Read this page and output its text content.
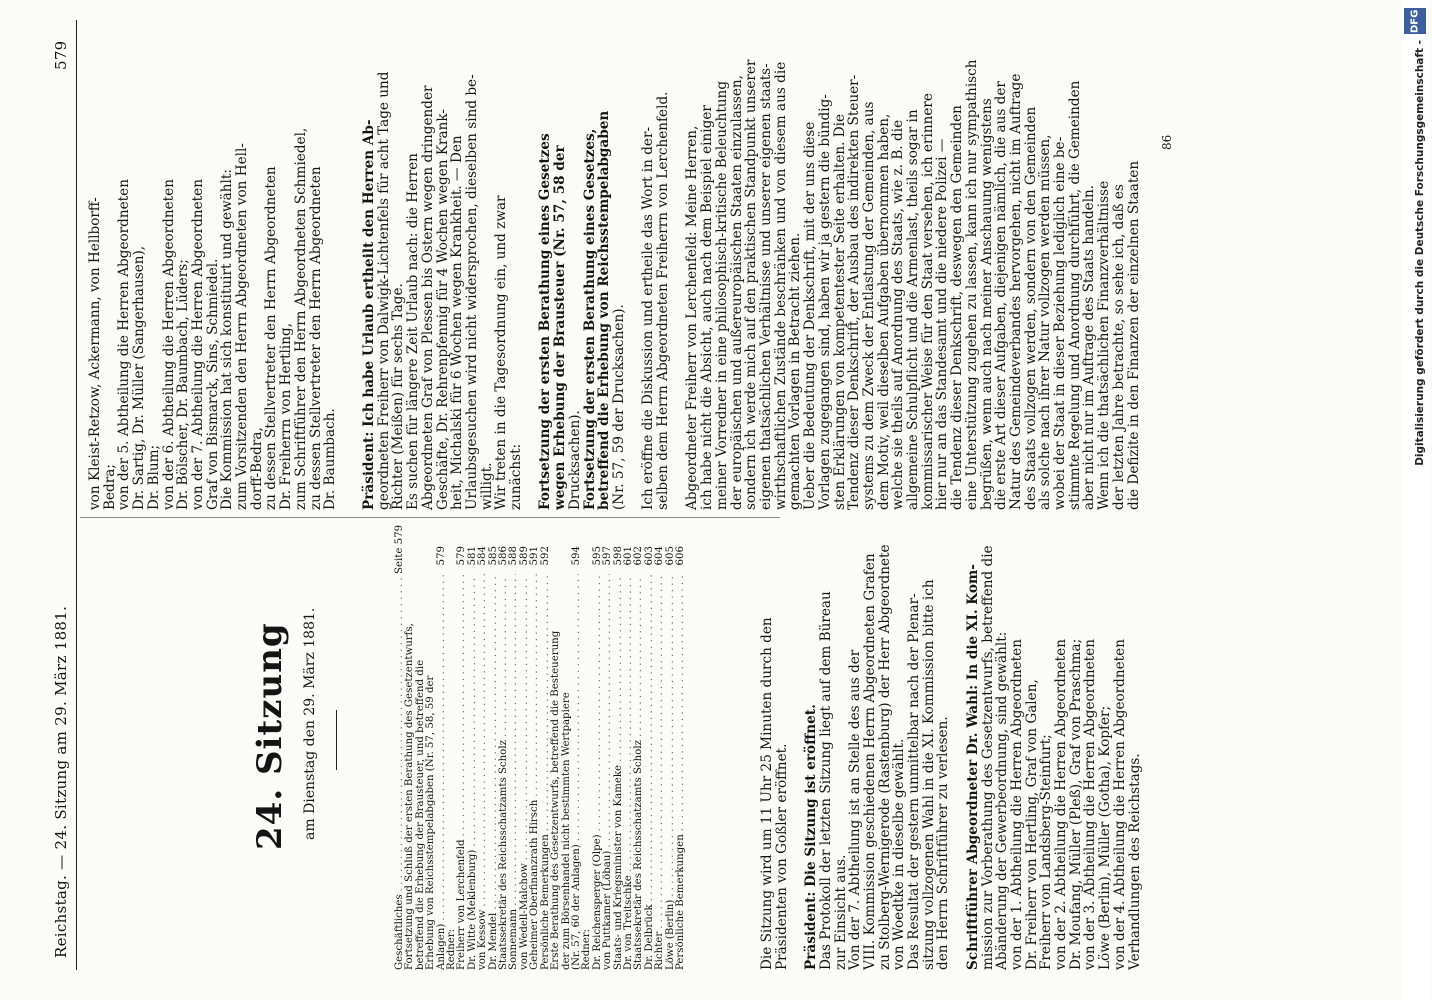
Reichstag. — 24. Sitzung am 29. März 1881.
579
24. Sitzung am Dienstag den 29. März 1881.
Geschäftliches
. . .
Seite 579
Fortsetzung und Schluß der ersten Berathung des Gesetzentwurfs, betreffend die Erhebung der Brausteuer, und betreffend die Erhebung von Reichsstempelabgaben (Nr. 57, 58, 59 der Anlagen)
. . .
579
Redner: Freiherr von Lerchenfeld
. . .
579
Dr. Witte (Meklenburg)
. . .
581
von Kessow
. . .
584
Dr. Mendel
. . .
585
Staatssekretär des Reichsschatzamts Scholz
. . .
586
Sonnemann
. . .
588
von Wedell-Malchow
. . .
589
Geheimer Oberfinanzrath Hirsch
. . .
591
Persönliche Bemerkungen
. . .
592
Erste Berathung des Gesetzentwurfs, betreffend die Besteuerung der zum Börsenhandel nicht bestimmten Wertpapiere (Nr. 57, 60 der Anlagen)
. . .
594
Redner: Dr. Reichensperger (Olpe)
. . .
595
von Puttkamer (Löbau)
. . .
597
Staats- und Kriegsminister von Kameke
. . .
598
Dr. von Treitschke
. . .
601
Staatssekretär des Reichsschatzamts Scholz
. . .
602
Dr. Delbrück
. . .
603
Richter
. . .
604
Löwe (Berlin)
. . .
605
Persönliche Bemerkungen
. . .
606

Die Sitzung wird um 11 Uhr 25 Minuten durch den

Präsidenten von Goßler eröffnet.

Präsident: Die Sitzung ist eröffnet.

Das Protokoll der letzten Sitzung liegt auf dem Büreau

zur Einsicht aus.

Von der 7. Abtheilung ist an Stelle des aus der

VIII. Kommission geschiedenen Herrn Abgeordneten Grafen

zu Stolberg-Wernigerode (Rastenburg) der Herr Abgeordnete

von Woedtke in dieselbe gewählt.

Das Resultat der gestern unmittelbar nach der Plenar-

sitzung vollzogenen Wahl in die XI. Kommission bitte ich

den Herrn Schriftführer zu verlesen.

Schriftführer Abgeordneter Dr. Wahl: In die XI. Kom-

mission zur Vorberathung des Gesetzentwurfs, betreffend die

Abänderung der Gewerbeordnung, sind gewählt:

von der 1. Abtheilung die Herren Abgeordneten

Dr. Freiherr von Hertling, Graf von Galen,

Freiherr von Landsberg-Steinfurt;

von der 2. Abtheilung die Herren Abgeordneten

Dr. Moufang, Müller (Pleß), Graf von Praschma;

von der 3. Abtheilung die Herren Abgeordneten

Löwe (Berlin), Müller (Gotha), Kopfer;

von der 4. Abtheilung die Herren Abgeordneten

Verhandlungen des Reichstags.

von Kleist-Retzow, Ackermann, von Hellborff-

Bedra;

von der 5. Abtheilung die Herren Abgeordneten

Dr. Sartig, Dr. Müller (Sangerhausen),

Dr. Blum;

von der 6. Abtheilung die Herren Abgeordneten

Dr. Bölscher, Dr. Baumbach, Lüders;

von der 7. Abtheilung die Herren Abgeordneten

Graf von Bismarck, Sins, Schmiedel.

Die Kommission hat sich konstituirt und gewählt:

zum Vorsitzenden den Herrn Abgeordneten von Hell-

dorff-Bedra,

zu dessen Stellvertreter den Herrn Abgeordneten

Dr. Freiherrn von Hertling,

zum Schriftführer den Herrn Abgeordneten Schmiedel,

zu dessen Stellvertreter den Herrn Abgeordneten

Dr. Baumbach. Präsident: Ich habe Urlaub ertheilt den Herren Ab-

geordneten Freiherr von Dalwigk-Lichtenfels für acht Tage und

Richter (Meißen) für sechs Tage.

Es suchen für längere Zeit Urlaub nach: die Herren

Abgeordneten Graf von Plessen bis Ostern wegen dringender

Geschäfte, Dr. Rehrenpfennig für 4 Wochen wegen Krank-

heit, Michalski für 6 Wochen wegen Krankheit. — Den

Urlaubsgesuchen wird nicht widersprochen, dieselben sind be-

willigt.

Wir treten in die Tagesordnung ein, und zwar

zunächst:

Fortsetzung der ersten Berathung eines Gesetzes

wegen Erhebung der Brausteuer (Nr. 57, 58 der

Drucksachen).

Fortsetzung der ersten Berathung eines Gesetzes,

betreffend die Erhebung von Reichsstempelabgaben

(Nr. 57, 59 der Drucksachen).

Ich eröffne die Diskussion und ertheile das Wort in der-

selben dem Herrn Abgeordneten Freiherrn von Lerchenfeld.

Abgeordneter Freiherr von Lerchenfeld: Meine Herren,

ich habe nicht die Absicht, auch nach dem Beispiel einiger

meiner Vorredner in eine philosophisch-kritische Beleuchtung

der europäischen und außereuropäischen Staaten einzulassen,

sondern ich werde mich auf den praktischen Standpunkt unserer

eigenen thatsächlichen Verhältnisse und unserer eigenen staats-

wirthschaftlichen Zustände beschränken und von diesem aus die

gemachten Vorlagen in Betracht ziehen.

Ueber die Bedeutung der Denkschrift, mit der uns diese

Vorlagen zugegangen sind, haben wir ja gestern die bündig-

sten Erklärungen von kompetentester Seite erhalten. Die

Tendenz dieser Denkschrift, der Ausbau des indirekten Steuer-

systems zu dem Zweck der Entlastung der Gemeinden, aus

dem Motiv, weil dieselben Aufgaben übernommen haben,

welche sie theils auf Anordnung des Staats, wie z. B. die

allgemeine Schulpflicht und die Armenlast, theils sogar in

kommissarischer Weise für den Staat versehen, ich erinnere

hier nur an das Standesamt und die niedere Polizei —

die Tendenz dieser Denkschrift, deswegen den Gemeinden

eine Unterstützung zugehen zu lassen, kann ich nur sympathisch

begrüßen, wenn auch nach meiner Anschauung wenigstens

die erste Art dieser Aufgaben, diejenigen nämlich, die aus der

Natur des Gemeindeverbandes hervorgehen, nicht im Auftrage

des Staats vollzogen werden, sondern von den Gemeinden

als solche nach ihrer Natur vollzogen werden müssen,

wobei der Staat in dieser Beziehung lediglich eine be-

stimmte Regelung und Anordnung durchführt, die Gemeinden

aber nicht nur im Auftrage des Staats handeln.

Wenn ich die thatsächlichen Finanzverhältnisse

der letzten Jahre betrachte, so sehe ich, daß es

die Defizite in den Finanzen der einzelnen Staaten

86
DFG
Digitalisierung gefördert durch die Deutsche Forschungsgemeinschaft -
